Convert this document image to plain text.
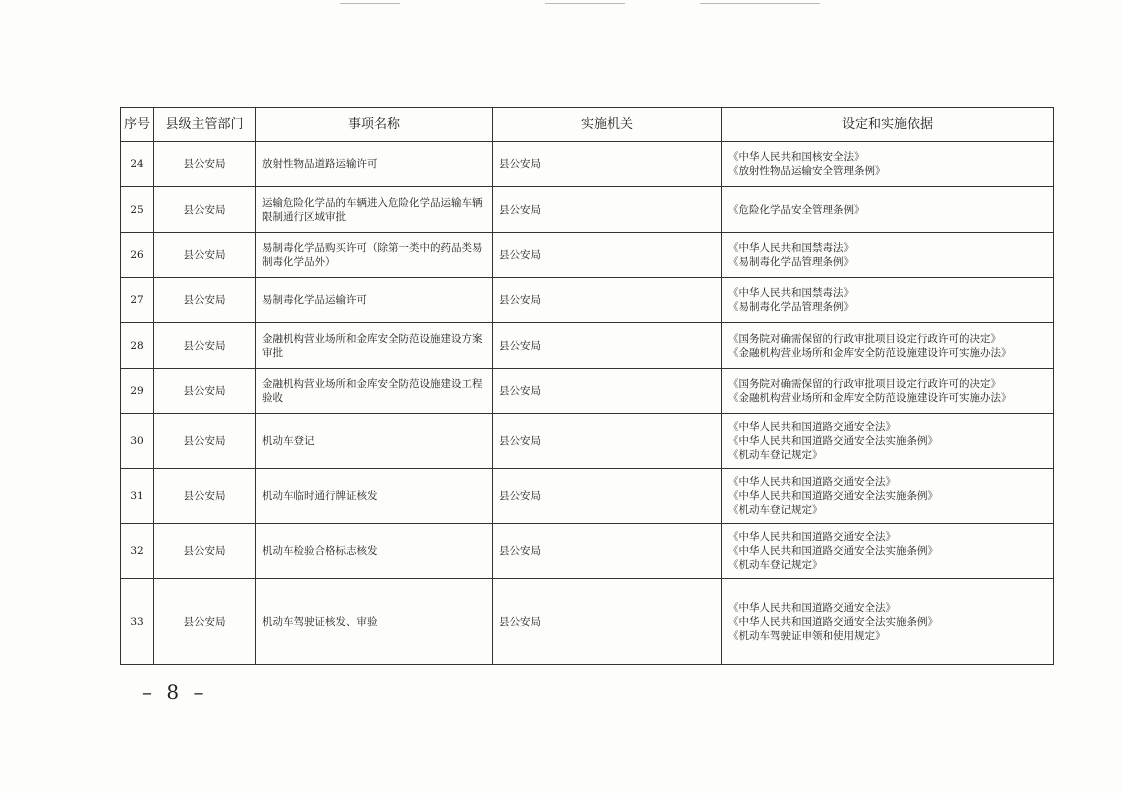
序号	县级主管部门	事项名称	实施机关	设定和实施依据
24	县公安局	放射性物品道路运输许可	县公安局	《中华人民共和国核安全法》
《放射性物品运输安全管理条例》

25	县公安局	运输危险化学品的车辆进入危险化学品运输车辆限制通行区域审批	县公安局	《危险化学品安全管理条例》

26	县公安局	易制毒化学品购买许可（除第一类中的药品类易制毒化学品外）	县公安局	《中华人民共和国禁毒法》
《易制毒化学品管理条例》

27	县公安局	易制毒化学品运输许可	县公安局	《中华人民共和国禁毒法》
《易制毒化学品管理条例》

28	县公安局	金融机构营业场所和金库安全防范设施建设方案审批	县公安局	《国务院对确需保留的行政审批项目设定行政许可的决定》
《金融机构营业场所和金库安全防范设施建设许可实施办法》

29	县公安局	金融机构营业场所和金库安全防范设施建设工程验收	县公安局	《国务院对确需保留的行政审批项目设定行政许可的决定》
《金融机构营业场所和金库安全防范设施建设许可实施办法》

30	县公安局	机动车登记	县公安局	《中华人民共和国道路交通安全法》
《中华人民共和国道路交通安全法实施条例》
《机动车登记规定》

31	县公安局	机动车临时通行牌证核发	县公安局	《中华人民共和国道路交通安全法》
《中华人民共和国道路交通安全法实施条例》
《机动车登记规定》

32	县公安局	机动车检验合格标志核发	县公安局	《中华人民共和国道路交通安全法》
《中华人民共和国道路交通安全法实施条例》
《机动车登记规定》

33	县公安局	机动车驾驶证核发、审验	县公安局	《中华人民共和国道路交通安全法》
《中华人民共和国道路交通安全法实施条例》
《机动车驾驶证申领和使用规定》
– 8 –
